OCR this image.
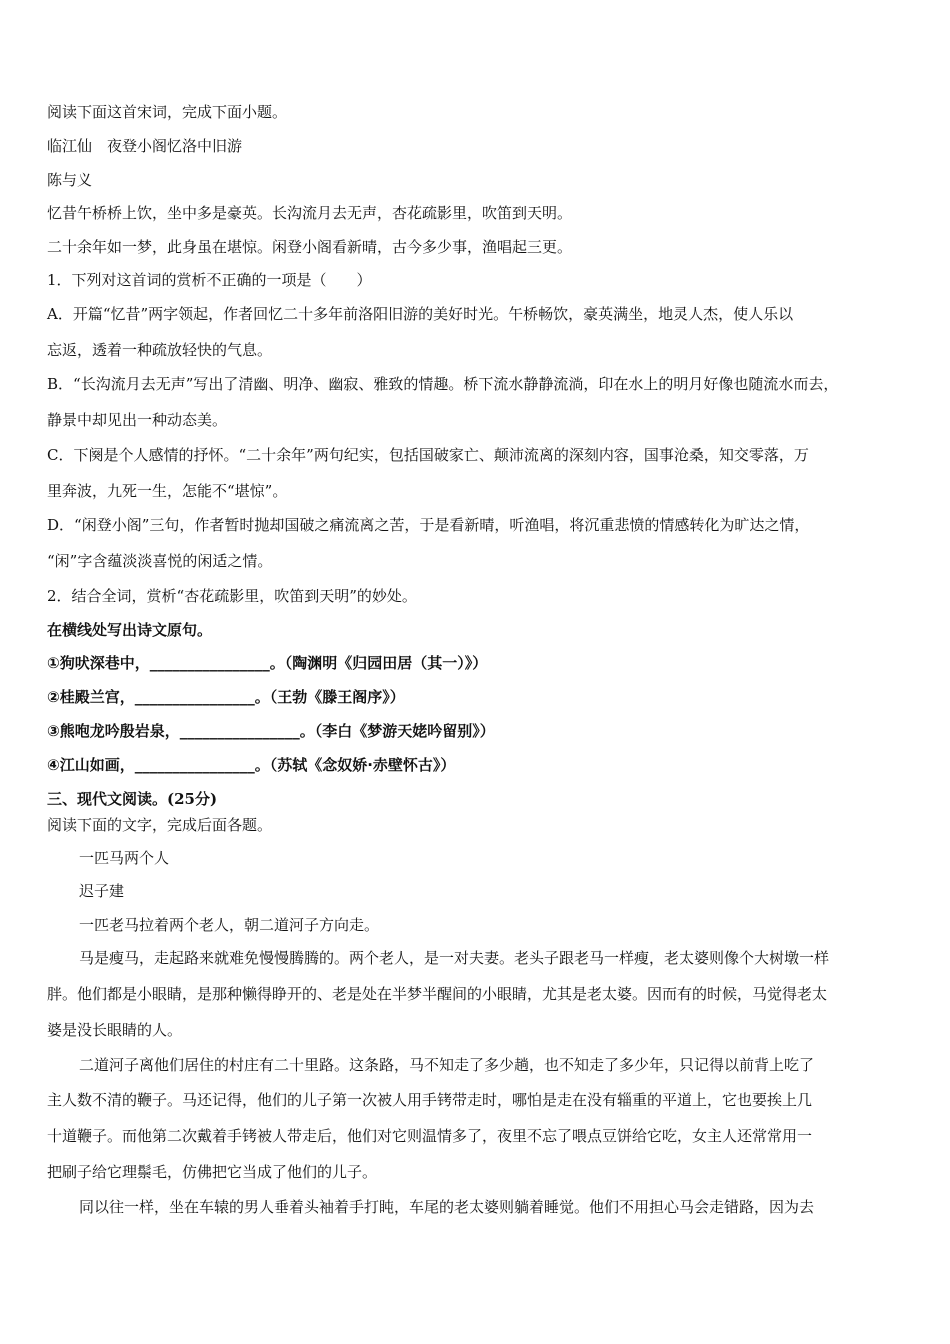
阅读下面这首宋词，完成下面小题。
临江仙　夜登小阁忆洛中旧游
陈与义
忆昔午桥桥上饮，坐中多是豪英。长沟流月去无声，杏花疏影里，吹笛到天明。
二十余年如一梦，此身虽在堪惊。闲登小阁看新晴，古今多少事，渔唱起三更。
1．下列对这首词的赏析不正确的一项是（　　）
A．开篇“忆昔”两字领起，作者回忆二十多年前洛阳旧游的美好时光。午桥畅饮，豪英满坐，地灵人杰，使人乐以
忘返，透着一种疏放轻快的气息。
B．“长沟流月去无声”写出了清幽、明净、幽寂、雅致的情趣。桥下流水静静流淌，印在水上的明月好像也随流水而去，
静景中却见出一种动态美。
C．下阕是个人感情的抒怀。“二十余年”两句纪实，包括国破家亡、颠沛流离的深刻内容，国事沧桑，知交零落，万
里奔波，九死一生，怎能不“堪惊”。
D．“闲登小阁”三句，作者暂时抛却国破之痛流离之苦，于是看新晴，听渔唱，将沉重悲愤的情感转化为旷达之情，
“闲”字含蕴淡淡喜悦的闲适之情。
2．结合全词，赏析“杏花疏影里，吹笛到天明”的妙处。
在横线处写出诗文原句。
①狗吠深巷中，________________。（陶渊明《归园田居（其一）》）
②桂殿兰宫，________________。（王勃《滕王阁序》）
③熊咆龙吟殷岩泉，________________。（李白《梦游天姥吟留别》）
④江山如画，________________。（苏轼《念奴娇·赤壁怀古》）
三、现代文阅读。(25分)
阅读下面的文字，完成后面各题。
一匹马两个人
迟子建
一匹老马拉着两个老人，朝二道河子方向走。
马是瘦马，走起路来就难免慢慢腾腾的。两个老人，是一对夫妻。老头子跟老马一样瘦，老太婆则像个大树墩一样
胖。他们都是小眼睛，是那种懒得睁开的、老是处在半梦半醒间的小眼睛，尤其是老太婆。因而有的时候，马觉得老太
婆是没长眼睛的人。
二道河子离他们居住的村庄有二十里路。这条路，马不知走了多少趟，也不知走了多少年，只记得以前背上吃了
主人数不清的鞭子。马还记得，他们的儿子第一次被人用手铐带走时，哪怕是走在没有辎重的平道上，它也要挨上几
十道鞭子。而他第二次戴着手铐被人带走后，他们对它则温情多了，夜里不忘了喂点豆饼给它吃，女主人还常常用一
把刷子给它理鬃毛，仿佛把它当成了他们的儿子。
同以往一样，坐在车辕的男人垂着头袖着手打盹，车尾的老太婆则躺着睡觉。他们不用担心马会走错路，因为去
